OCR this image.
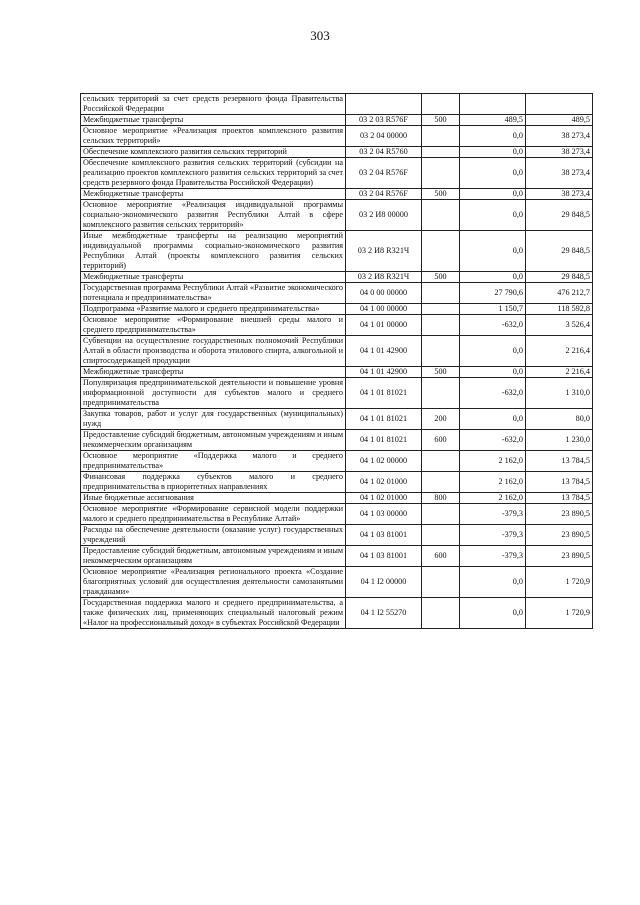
303
сельских территорий за счет средств резервного фонда Правительства Российской Федерации				
Межбюджетные трансферты	03 2 03 R576F	500	489,5	489,5
Основное мероприятие «Реализация проектов комплексного развития сельских территорий»	03 2 04 00000		0,0	38 273,4
Обеспечение комплексного развития сельских территорий	03 2 04 R5760		0,0	38 273,4
Обеспечение комплексного развития сельских территорий (субсидии на реализацию проектов комплексного развития сельских территорий за счет средств резервного фонда Правительства Российской Федерации)	03 2 04 R576F		0,0	38 273,4
Межбюджетные трансферты	03 2 04 R576F	500	0,0	38 273,4
Основное мероприятие «Реализация индивидуальной программы социально-экономического развития Республики Алтай в сфере комплексного развития сельских территорий»	03 2 И8 00000		0,0	29 848,5
Иные межбюджетные трансферты на реализацию мероприятий индивидуальной программы социально-экономического развития Республики Алтай (проекты комплексного развития сельских территорий)	03 2 И8 R321Ч		0,0	29 848,5
Межбюджетные трансферты	03 2 И8 R321Ч	500	0,0	29 848,5
Государственная программа Республики Алтай «Развитие экономического потенциала и предпринимательства»	04 0 00 00000		27 790,6	476 212,7
Подпрограмма «Развитие малого и среднего предпринимательства»	04 1 00 00000		1 150,7	118 592,8
Основное мероприятие «Формирование внешней среды малого и среднего предпринимательства»	04 1 01 00000		-632,0	3 526,4
Субвенции на осуществление государственных полномочий Республики Алтай в области производства и оборота этилового спирта, алкогольной и спиртосодержащей продукции	04 1 01 42900		0,0	2 216,4
Межбюджетные трансферты	04 1 01 42900	500	0,0	2 216,4
Популяризация предпринимательской деятельности и повышение уровня информационной доступности для субъектов малого и среднего предпринимательства	04 1 01 81021		-632,0	1 310,0
Закупка товаров, работ и услуг для государственных (муниципальных) нужд	04 1 01 81021	200	0,0	80,0
Предоставление субсидий бюджетным, автономным учреждениям и иным некоммерческим организациям	04 1 01 81021	600	-632,0	1 230,0
Основное мероприятие «Поддержка малого и среднего предпринимательства»	04 1 02 00000		2 162,0	13 784,5
Финансовая поддержка субъектов малого и среднего предпринимательства в приоритетных направлениях	04 1 02 01000		2 162,0	13 784,5
Иные бюджетные ассигнования	04 1 02 01000	800	2 162,0	13 784,5
Основное мероприятие «Формирование сервисной модели поддержки малого и среднего предпринимательства в Республике Алтай»	04 1 03 00000		-379,3	23 890,5
Расходы на обеспечение деятельности (оказание услуг) государственных учреждений	04 1 03 81001		-379,3	23 890,5
Предоставление субсидий бюджетным, автономным учреждениям и иным некоммерческим организациям	04 1 03 81001	600	-379,3	23 890,5
Основное мероприятие «Реализация регионального проекта «Создание благоприятных условий для осуществления деятельности самозанятыми гражданами»	04 1 I2 00000		0,0	1 720,9
Государственная поддержка малого и среднего предпринимательства, а также физических лиц, применяющих специальный налоговый режим «Налог на профессиональный доход» в субъектах Российской Федерации	04 1 I2 55270		0,0	1 720,9
